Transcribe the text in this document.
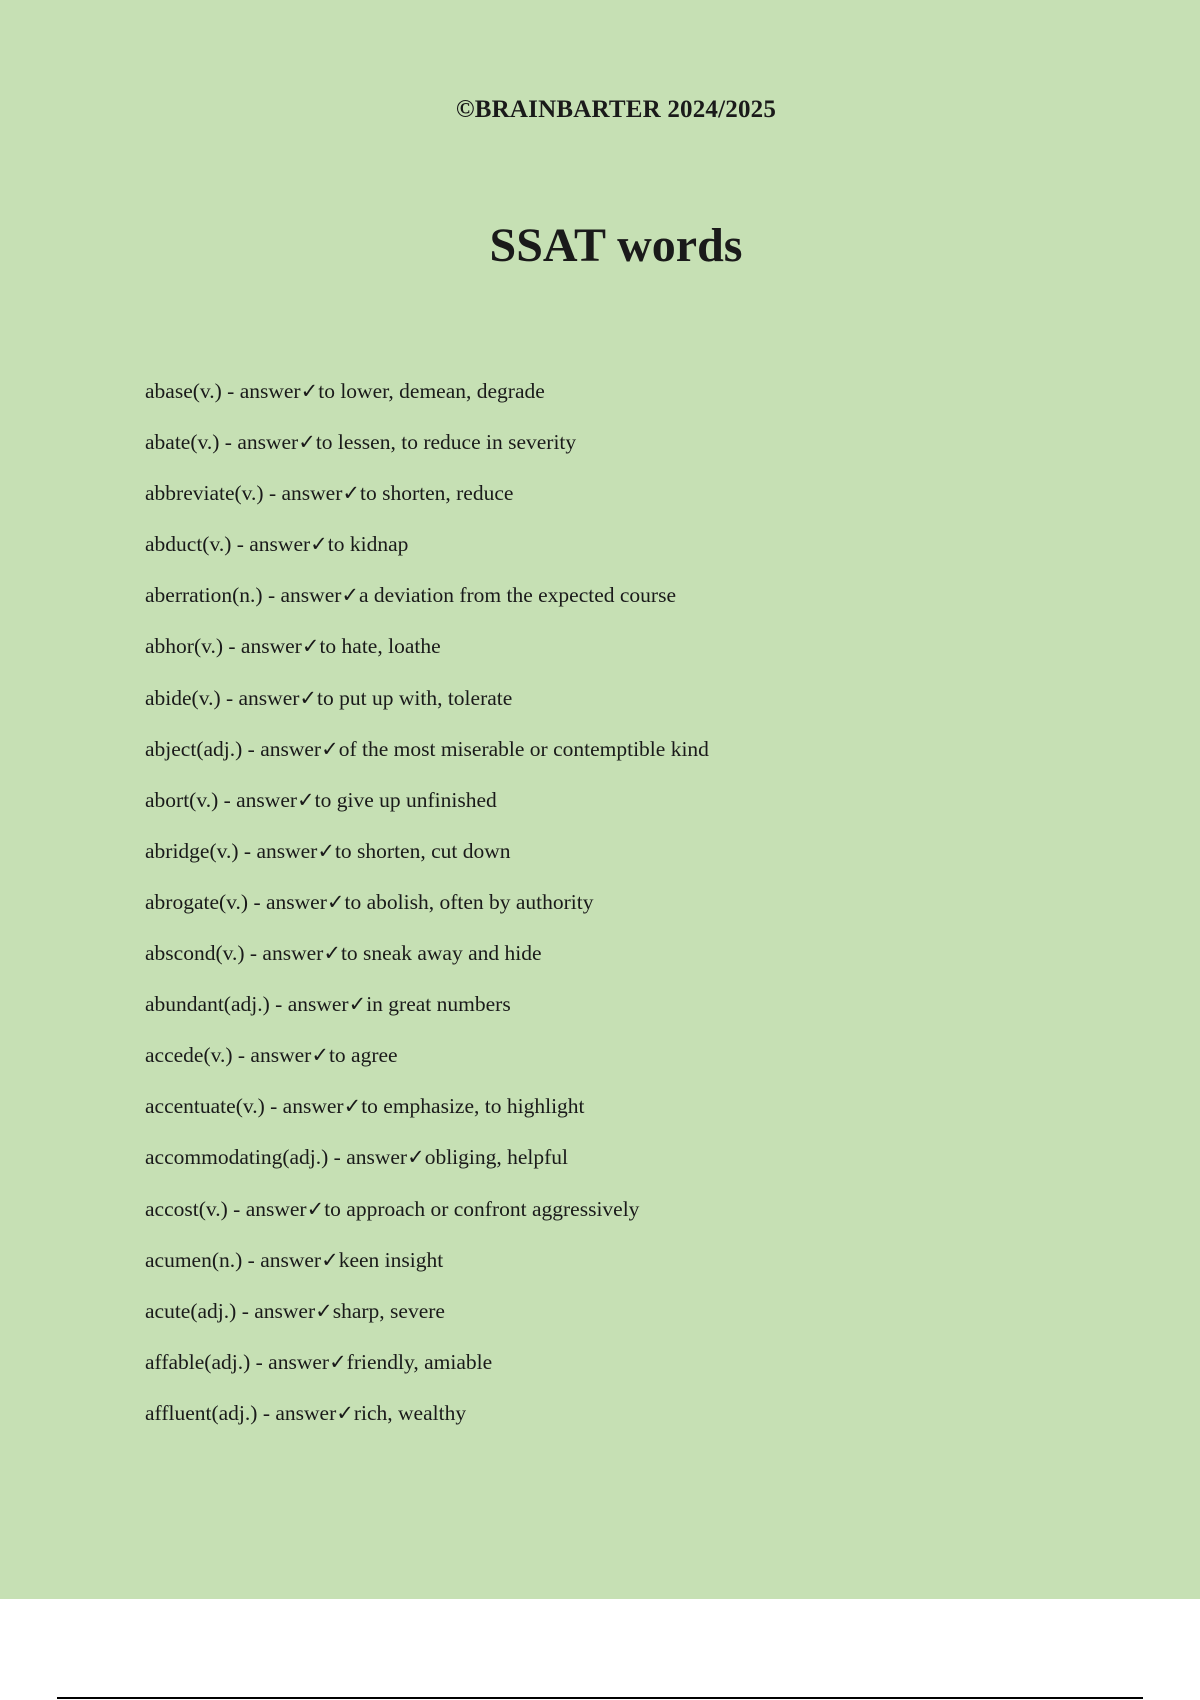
©BRAINBARTER 2024/2025
SSAT words
abase(v.) - answer✓to lower, demean, degrade
abate(v.) - answer✓to lessen, to reduce in severity
abbreviate(v.) - answer✓to shorten, reduce
abduct(v.) - answer✓to kidnap
aberration(n.) - answer✓a deviation from the expected course
abhor(v.) - answer✓to hate, loathe
abide(v.) - answer✓to put up with, tolerate
abject(adj.) - answer✓of the most miserable or contemptible kind
abort(v.) - answer✓to give up unfinished
abridge(v.) - answer✓to shorten, cut down
abrogate(v.) - answer✓to abolish, often by authority
abscond(v.) - answer✓to sneak away and hide
abundant(adj.) - answer✓in great numbers
accede(v.) - answer✓to agree
accentuate(v.) - answer✓to emphasize, to highlight
accommodating(adj.) - answer✓obliging, helpful
accost(v.) - answer✓to approach or confront aggressively
acumen(n.) - answer✓keen insight
acute(adj.) - answer✓sharp, severe
affable(adj.) - answer✓friendly, amiable
affluent(adj.) - answer✓rich, wealthy
